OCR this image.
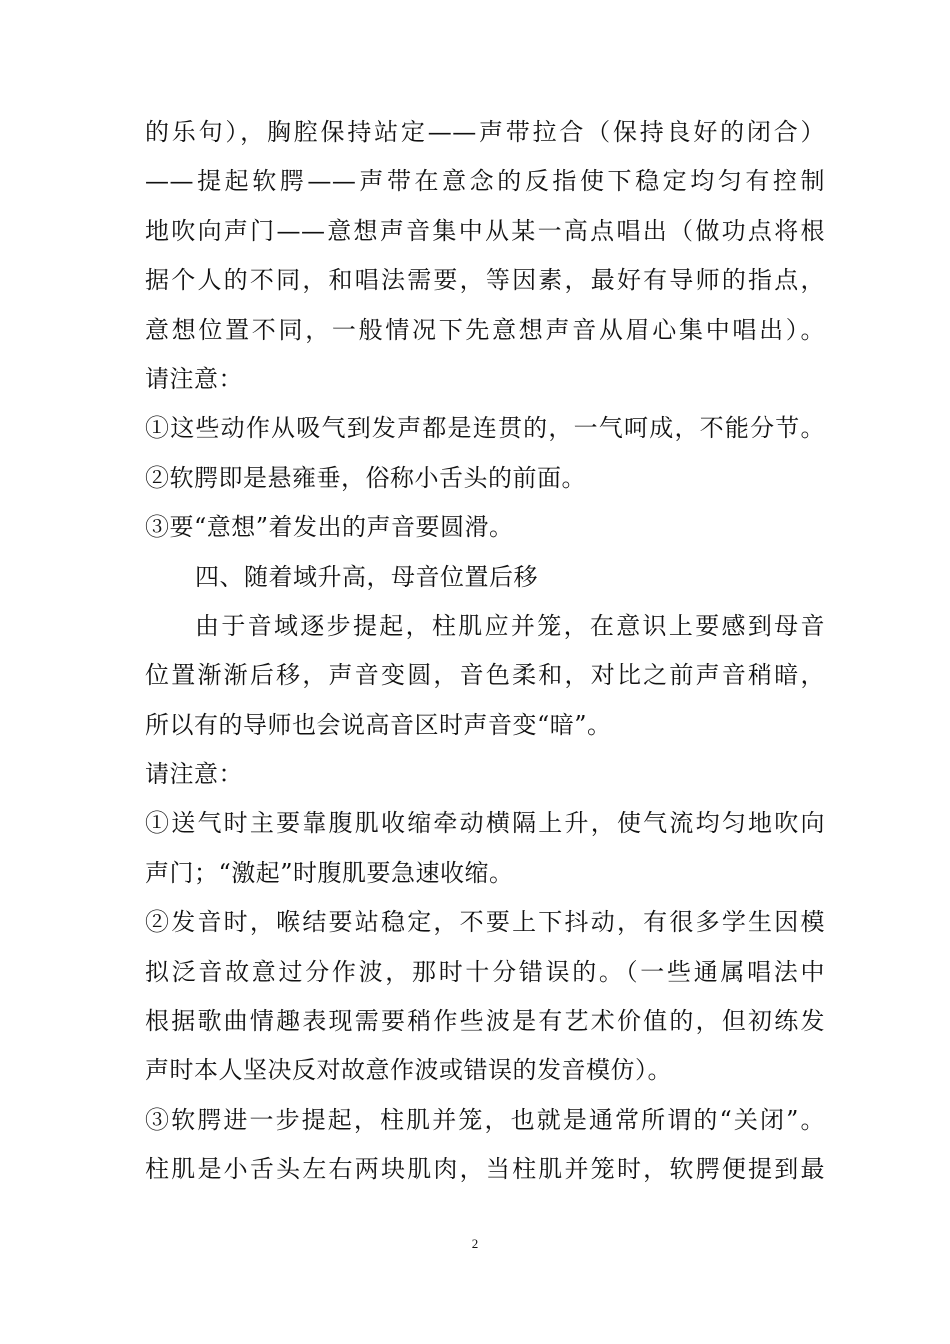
的乐句），胸腔保持站定——声带拉合（保持良好的闭合）
——提起软腭——声带在意念的反指使下稳定均匀有控制
地吹向声门——意想声音集中从某一高点唱出（做功点将根
据个人的不同，和唱法需要，等因素，最好有导师的指点，
意想位置不同，一般情况下先意想声音从眉心集中唱出）。
请注意：
①这些动作从吸气到发声都是连贯的，一气呵成，不能分节。
②软腭即是悬雍垂，俗称小舌头的前面。
③要“意想”着发出的声音要圆滑。
四、随着域升高，母音位置后移
由于音域逐步提起，柱肌应并笼，在意识上要感到母音
位置渐渐后移，声音变圆，音色柔和，对比之前声音稍暗，
所以有的导师也会说高音区时声音变“暗”。
请注意：
①送气时主要靠腹肌收缩牵动横隔上升，使气流均匀地吹向
声门；“激起”时腹肌要急速收缩。
②发音时，喉结要站稳定，不要上下抖动，有很多学生因模
拟泛音故意过分作波，那时十分错误的。（一些通属唱法中
根据歌曲情趣表现需要稍作些波是有艺术价值的，但初练发
声时本人坚决反对故意作波或错误的发音模仿）。
③软腭进一步提起，柱肌并笼，也就是通常所谓的“关闭”。
柱肌是小舌头左右两块肌肉，当柱肌并笼时，软腭便提到最
2
